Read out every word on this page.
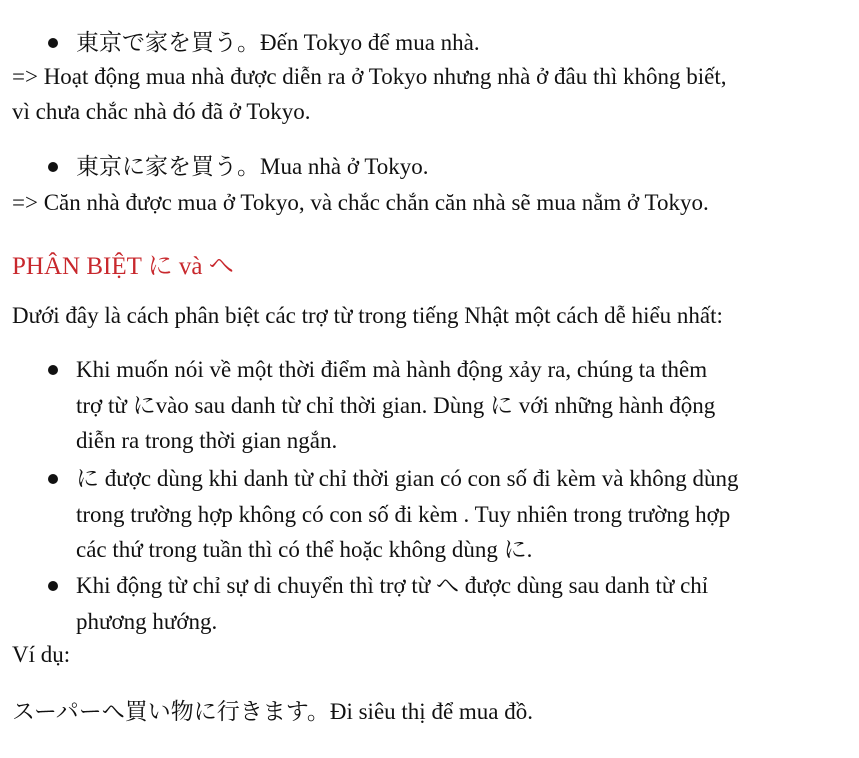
東京で家を買う。Đến Tokyo để mua nhà.
=> Hoạt động mua nhà được diễn ra ở Tokyo nhưng nhà ở đâu thì không biết,
vì chưa chắc nhà đó đã ở Tokyo.
東京に家を買う。Mua nhà ở Tokyo.
=> Căn nhà được mua ở Tokyo, và chắc chắn căn nhà sẽ mua nằm ở Tokyo.
PHÂN BIỆT に và へ
Dưới đây là cách phân biệt các trợ từ trong tiếng Nhật một cách dễ hiểu nhất:
Khi muốn nói về một thời điểm mà hành động xảy ra, chúng ta thêm
trợ từ にvào sau danh từ chỉ thời gian. Dùng に với những hành động
diễn ra trong thời gian ngắn.
に được dùng khi danh từ chỉ thời gian có con số đi kèm và không dùng
trong trường hợp không có con số đi kèm . Tuy nhiên trong trường hợp
các thứ trong tuần thì có thể hoặc không dùng に.
Khi động từ chỉ sự di chuyển thì trợ từ へ được dùng sau danh từ chỉ
phương hướng.
Ví dụ:
スーパーへ買い物に行きます。Đi siêu thị để mua đồ.
